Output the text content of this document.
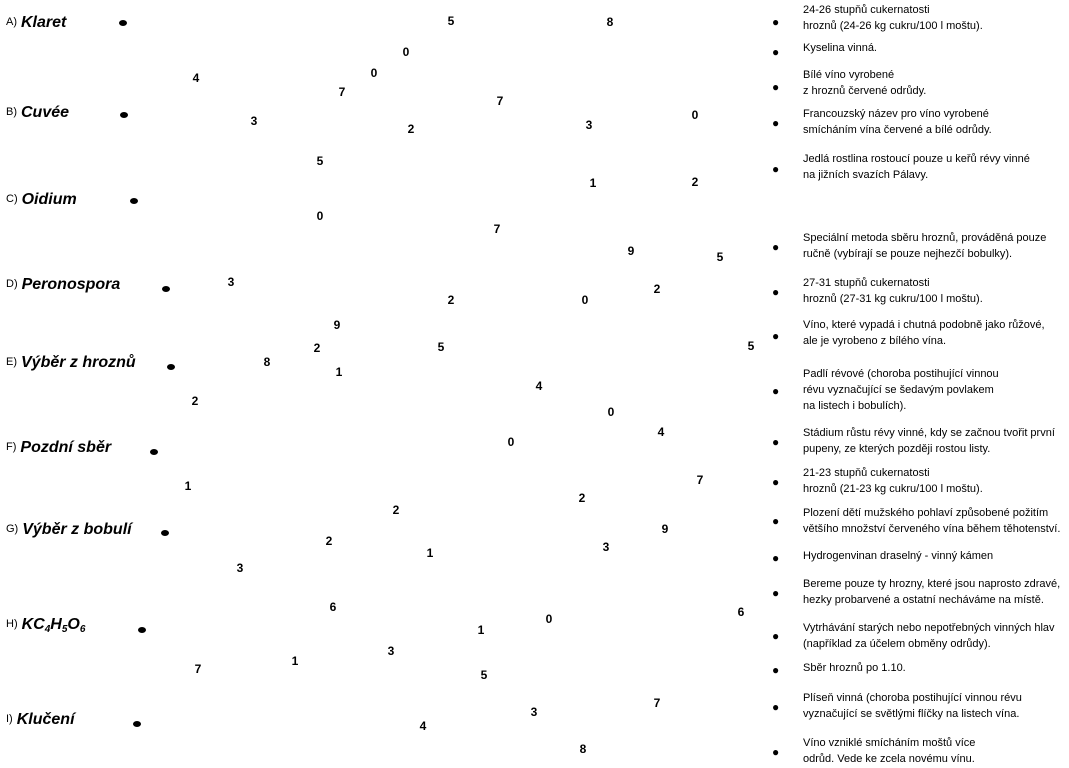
A) Klaret
B) Cuvée
C) Oidium
D) Peronospora
E) Výběr z hroznů
F) Pozdní sběr
G) Výběr z bobulí
H) $KC_4H_5O_6$
I) Klučení
5	8
0
0
4
7
7
3
2	3
0
5
1	2
0
7
9	5
3	2
0
2
9
2	5	5
8
1
4
2
0
4
0
1	7
2
2
9
2
1	3
3
6	6
0
1
3
7
1
5
7
3
4
8
●
24-26 stupňů cukernatosti
hroznů (24-26 kg cukru/100 l moštu).
● Kyselina vinná.
●
Bílé víno vyrobené
z hroznů červené odrůdy.
●
Francouzský název pro víno vyrobené
smícháním vína červené a bílé odrůdy.
●
Jedlá rostlina rostoucí pouze u keřů révy vinné
na jižních svazích Pálavy.
●
Speciální metoda sběru hroznů, prováděná pouze
ručně (vybírají se pouze nejhezčí bobulky).
●
27-31 stupňů cukernatosti
hroznů (27-31 kg cukru/100 l moštu).
●
Víno, které vypadá i chutná podobně jako růžové,
ale je vyrobeno z bílého vína.
●
Padlí révové (choroba postihující vinnou
révu vyznačující se šedavým povlakem
na listech i bobulích).
●
Stádium růstu révy vinné, kdy se začnou tvořit první
pupeny, ze kterých později rostou listy.
●
21-23 stupňů cukernatosti
hroznů (21-23 kg cukru/100 l moštu).
●
Plození dětí mužského pohlaví způsobené požitím
většího množství červeného vína během těhotenství.
● Hydrogenvinan draselný - vinný kámen
●
Bereme pouze ty hrozny, které jsou naprosto zdravé,
hezky probarvené a ostatní necháváme na místě.
●
Vytrhávání starých nebo nepotřebných vinných hlav
(například za účelem obměny odrůdy).
● Sběr hroznů po 1.10.
●
Plíseň vinná (choroba postihující vinnou révu
vyznačující se světlými flíčky na listech vína.
●
Víno vzniklé smícháním moštů více
odrůd. Vede ke zcela novému vínu.
